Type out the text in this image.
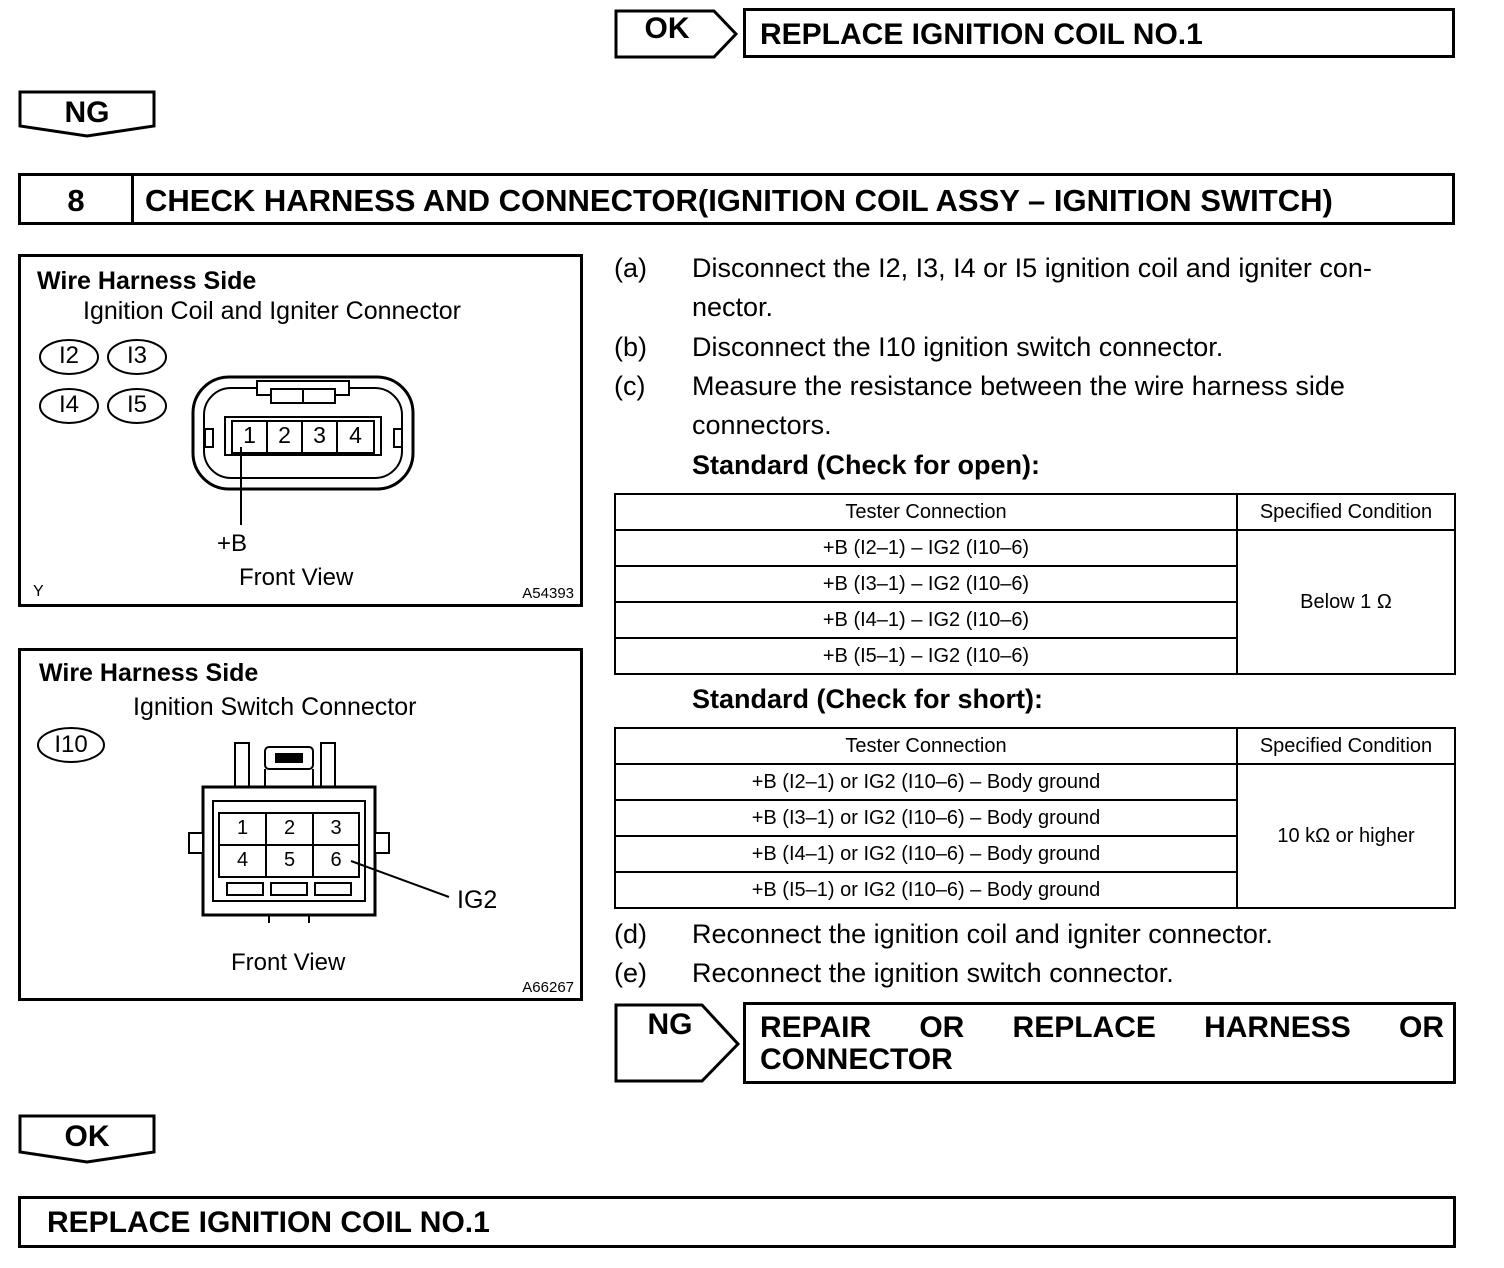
OK	REPLACE IGNITION COIL NO.1
NG
8	CHECK HARNESS AND CONNECTOR(IGNITION COIL ASSY – IGNITION SWITCH)
Wire Harness Side
Ignition Coil and Igniter Connector
I2	I3
I4	I5
1 2 3	4
+B
Front View
Y	A54393
Wire Harness Side
Ignition Switch Connector
I10
1	2	3
4	5	6
IG2
Front View
A66267
(a) Disconnect the I2, I3, I4 or I5 ignition coil and igniter con-
nector.
(b) Disconnect the I10 ignition switch connector.
(c) Measure the resistance between the wire harness side
connectors.
Standard (Check for open):
Tester Connection	Specified Condition
+B (I2–1) – IG2 (I10–6)	Below 1 Ω
+B (I3–1) – IG2 (I10–6)	
+B (I4–1) – IG2 (I10–6)	
+B (I5–1) – IG2 (I10–6)	
Standard (Check for short):
Tester Connection	Specified Condition
+B (I2–1) or IG2 (I10–6) – Body ground	10 kΩ or higher
+B (I3–1) or IG2 (I10–6) – Body ground	
+B (I4–1) or IG2 (I10–6) – Body ground	
+B (I5–1) or IG2 (I10–6) – Body ground	
(d) Reconnect the ignition coil and igniter connector.
(e) Reconnect the ignition switch connector.
NG	REPAIR OR REPLACE HARNESS OR
CONNECTOR
OK
REPLACE IGNITION COIL NO.1
